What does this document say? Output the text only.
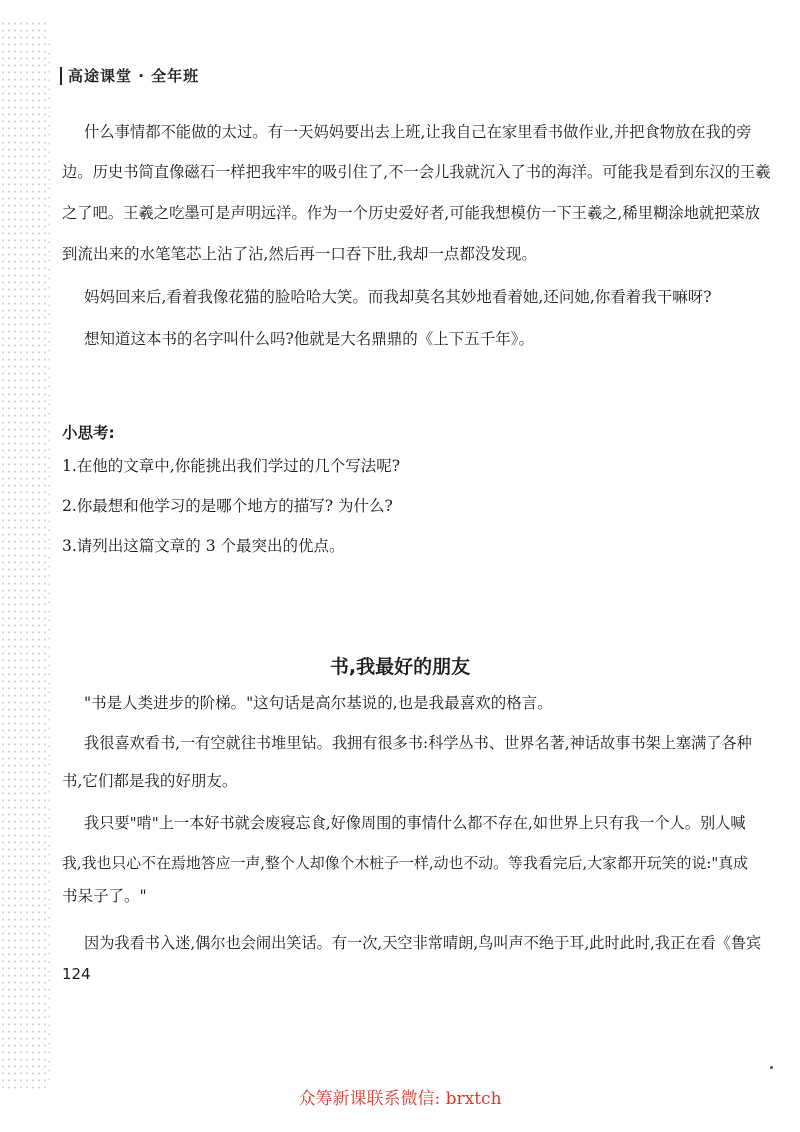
高途课堂 · 全年班
什么事情都不能做的太过。有一天妈妈要出去上班,让我自己在家里看书做作业,并把食物放在我的旁
边。历史书简直像磁石一样把我牢牢的吸引住了,不一会儿我就沉入了书的海洋。可能我是看到东汉的王羲
之了吧。王羲之吃墨可是声明远洋。作为一个历史爱好者,可能我想模仿一下王羲之,稀里糊涂地就把菜放
到流出来的水笔笔芯上沾了沾,然后再一口吞下肚,我却一点都没发现。
妈妈回来后,看着我像花猫的脸哈哈大笑。而我却莫名其妙地看着她,还问她,你看着我干嘛呀?
想知道这本书的名字叫什么吗?他就是大名鼎鼎的《上下五千年》。
小思考:
1.在他的文章中,你能挑出我们学过的几个写法呢?
2.你最想和他学习的是哪个地方的描写? 为什么?
3.请列出这篇文章的 3 个最突出的优点。
书,我最好的朋友
"书是人类进步的阶梯。"这句话是高尔基说的,也是我最喜欢的格言。
我很喜欢看书,一有空就往书堆里钻。我拥有很多书:科学丛书、世界名著,神话故事书架上塞满了各种
书,它们都是我的好朋友。
我只要"啃"上一本好书就会废寝忘食,好像周围的事情什么都不存在,如世界上只有我一个人。别人喊
我,我也只心不在焉地答应一声,整个人却像个木桩子一样,动也不动。等我看完后,大家都开玩笑的说:"真成
书呆子了。"
因为我看书入迷,偶尔也会闹出笑话。有一次,天空非常晴朗,鸟叫声不绝于耳,此时此时,我正在看《鲁宾
124
众筹新课联系微信: brxtch
